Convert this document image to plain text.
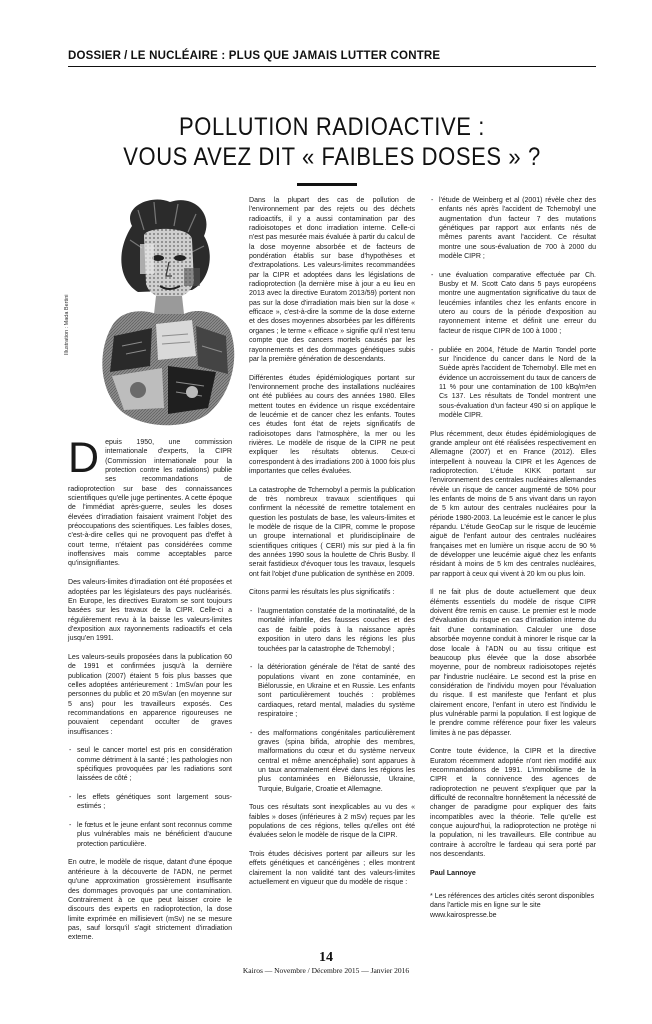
DOSSIER / LE NUCLÉAIRE : PLUS QUE JAMAIS LUTTER CONTRE
POLLUTION RADIOACTIVE :
VOUS AVEZ DIT « FAIBLES DOSES » ?
Illustration : Mada Bertini

Depuis 1950, une commission internationale d'experts, la CIPR (Commission internationale pour la protection contre les radiations) publie ses recommandations de radioprotection sur base des connaissances scientifiques qu'elle juge pertinentes. A cette époque de l'immédiat après-guerre, seules les doses élevées d'irradiation faisaient vraiment l'objet des préoccupations des scientifiques. Les faibles doses, c'est-à-dire celles qui ne provoquent pas d'effet à court terme, n'étaient pas considérées comme inoffensives mais comme acceptables parce qu'insignifiantes.

Des valeurs-limites d'irradiation ont été proposées et adoptées par les législateurs des pays nucléarisés. En Europe, les directives Euratom se sont toujours basées sur les travaux de la CIPR. Celle-ci a régulièrement revu à la baisse les valeurs-limites d'exposition aux rayonnements radioactifs et cela jusqu'en 1991.

Les valeurs-seuils proposées dans la publication 60 de 1991 et confirmées jusqu'à la dernière publication (2007) étaient 5 fois plus basses que celles adoptées antérieurement : 1mSv/an pour les personnes du public et 20 mSv/an (en moyenne sur 5 ans) pour les travailleurs exposés. Ces recommandations en apparence rigoureuses ne pouvaient cependant occulter de graves insuffisances :

- seul le cancer mortel est pris en considération comme détriment à la santé ; les pathologies non spécifiques provoquées par les radiations sont laissées de côté ;
- les effets génétiques sont largement sous-estimés ;
- le fœtus et le jeune enfant sont reconnus comme plus vulnérables mais ne bénéficient d'aucune protection particulière.

En outre, le modèle de risque, datant d'une époque antérieure à la découverte de l'ADN, ne permet qu'une approximation grossièrement insuffisante des dommages provoqués par une contamination. Contrairement à ce que peut laisser croire le discours des experts en radioprotection, la dose limite exprimée en millisievert (mSv) ne se mesure pas, sauf lorsqu'il s'agit strictement d'irradiation externe.

Dans la plupart des cas de pollution de l'environnement par des rejets ou des déchets radioactifs, il y a aussi contamination par des radioisotopes et donc irradiation interne. Celle-ci n'est pas mesurée mais évaluée à partir du calcul de la dose moyenne absorbée et de facteurs de pondération établis sur base d'hypothèses et d'extrapolations. Les valeurs-limites recommandées par la CIPR et adoptées dans les législations de radioprotection (la dernière mise à jour a eu lieu en 2013 avec la directive Euratom 2013/59) portent non pas sur la dose d'irradiation mais bien sur la dose « efficace », c'est-à-dire la somme de la dose externe et des doses moyennes absorbées par les différents organes ; le terme « efficace » signifie qu'il n'est tenu compte que des cancers mortels causés par les rayonnements et des dommages génétiques subis par la première génération de descendants.

Différentes études épidémiologiques portant sur l'environnement proche des installations nucléaires ont été publiées au cours des années 1980. Elles mettent toutes en évidence un risque excédentaire de leucémie et de cancer chez les enfants. Toutes ces études font état de rejets significatifs de radioisotopes dans l'atmosphère, la mer ou les rivières. Le modèle de risque de la CIPR ne peut expliquer les résultats obtenus. Ceux-ci correspondent à des irradiations 200 à 1000 fois plus importantes que celles évaluées.

La catastrophe de Tchernobyl a permis la publication de très nombreux travaux scientifiques qui confirment la nécessité de remettre totalement en question les postulats de base, les valeurs-limites et le modèle de risque de la CIPR, comme le propose un groupe international et pluridisciplinaire de scientifiques critiques ( CERI) mis sur pied à la fin des années 1990 sous la houlette de Chris Busby. Il serait fastidieux d'évoquer tous les travaux, lesquels ont fait l'objet d'une publication de synthèse en 2009.

Citons parmi les résultats les plus significatifs :

- l'augmentation constatée de la mortinatalité, de la mortalité infantile, des fausses couches et des cas de faible poids à la naissance après exposition in utero dans les régions les plus touchées par la catastrophe de Tchernobyl ;
- la détérioration générale de l'état de santé des populations vivant en zone contaminée, en Biélorussie, en Ukraine et en Russie. Les enfants sont particulièrement touchés : problèmes cardiaques, retard mental, maladies du système respiratoire ;
- des malformations congénitales particulièrement graves (spina bifida, atrophie des membres, malformations du cœur et du système nerveux central et même anencéphalie) sont apparues à un taux anormalement élevé dans les régions les plus contaminées en Biélorussie, Ukraine, Turquie, Bulgarie, Croatie et Allemagne.

Tous ces résultats sont inexplicables au vu des « faibles » doses (inférieures à 2 mSv) reçues par les populations de ces régions, telles qu'elles ont été évaluées selon le modèle de risque de la CIPR.

Trois études décisives portent par ailleurs sur les effets génétiques et cancérigènes ; elles montrent clairement la non validité tant des valeurs-limites actuellement en vigueur que du modèle de risque :

- l'étude de Weinberg et al (2001) révèle chez des enfants nés après l'accident de Tchernobyl une augmentation d'un facteur 7 des mutations génétiques par rapport aux enfants nés de mêmes parents avant l'accident. Ce résultat montre une sous-évaluation de 700 à 2000 du modèle CIPR ;
- une évaluation comparative effectuée par Ch. Busby et M. Scott Cato dans 5 pays européens montre une augmentation significative du taux de leucémies infantiles chez les enfants encore in utero au cours de la période d'exposition au rayonnement interne et définit une erreur du facteur de risque CIPR de 100 à 1000 ;
- publiée en 2004, l'étude de Martin Tondel porte sur l'incidence du cancer dans le Nord de la Suède après l'accident de Tchernobyl. Elle met en évidence un accroissement du taux de cancers de 11 % pour une contamination de 100 kBq/m²en Cs 137. Les résultats de Tondel montrent une sous-évaluation d'un facteur 490 si on applique le modèle CIPR.

Plus récemment, deux études épidémiologiques de grande ampleur ont été réalisées respectivement en Allemagne (2007) et en France (2012). Elles interpellent à nouveau la CIPR et les Agences de radioprotection. L'étude KIKK portant sur l'environnement des centrales nucléaires allemandes révèle un risque de cancer augmenté de 50% pour les enfants de moins de 5 ans vivant dans un rayon de 5 km autour des centrales nucléaires pour la période 1980-2003. La leucémie est le cancer le plus répandu. L'étude GeoCap sur le risque de leucémie aiguë de l'enfant autour des centrales nucléaires françaises met en lumière un risque accru de 90 % de développer une leucémie aiguë chez les enfants résidant à moins de 5 km des centrales nucléaires, par rapport à ceux qui vivent à 20 km ou plus loin.

Il ne fait plus de doute actuellement que deux éléments essentiels du modèle de risque CIPR doivent être remis en cause. Le premier est le mode d'évaluation du risque en cas d'irradiation interne du fait d'une contamination. Calculer une dose absorbée moyenne conduit à minorer le risque car la dose locale à l'ADN ou au tissu critique est beaucoup plus élevée que la dose absorbée moyenne, pour de nombreux radioisotopes rejetés par l'industrie nucléaire. Le second est la prise en considération de l'individu moyen pour l'évaluation du risque. Il est manifeste que l'enfant et plus clairement encore, l'enfant in utero est l'individu le plus vulnérable parmi la population. Il est logique de le prendre comme référence pour fixer les valeurs limites à ne pas dépasser.

Contre toute évidence, la CIPR et la directive Euratom récemment adoptée n'ont rien modifié aux recommandations de 1991. L'immobilisme de la CIPR et la connivence des agences de radioprotection ne peuvent s'expliquer que par la difficulté de reconnaître honnêtement la nécessité de changer de paradigme pour expliquer des faits incompatibles avec la théorie. Telle qu'elle est conçue aujourd'hui, la radioprotection ne protège ni la population, ni les travailleurs. Elle contribue au contraire à accroître le fardeau qui sera porté par nos descendants.

Paul Lannoye

* Les références des articles cités seront disponibles dans l'article mis en ligne sur le site www.kairospresse.be

14
Kairos — Novembre / Décembre 2015 — Janvier 2016
